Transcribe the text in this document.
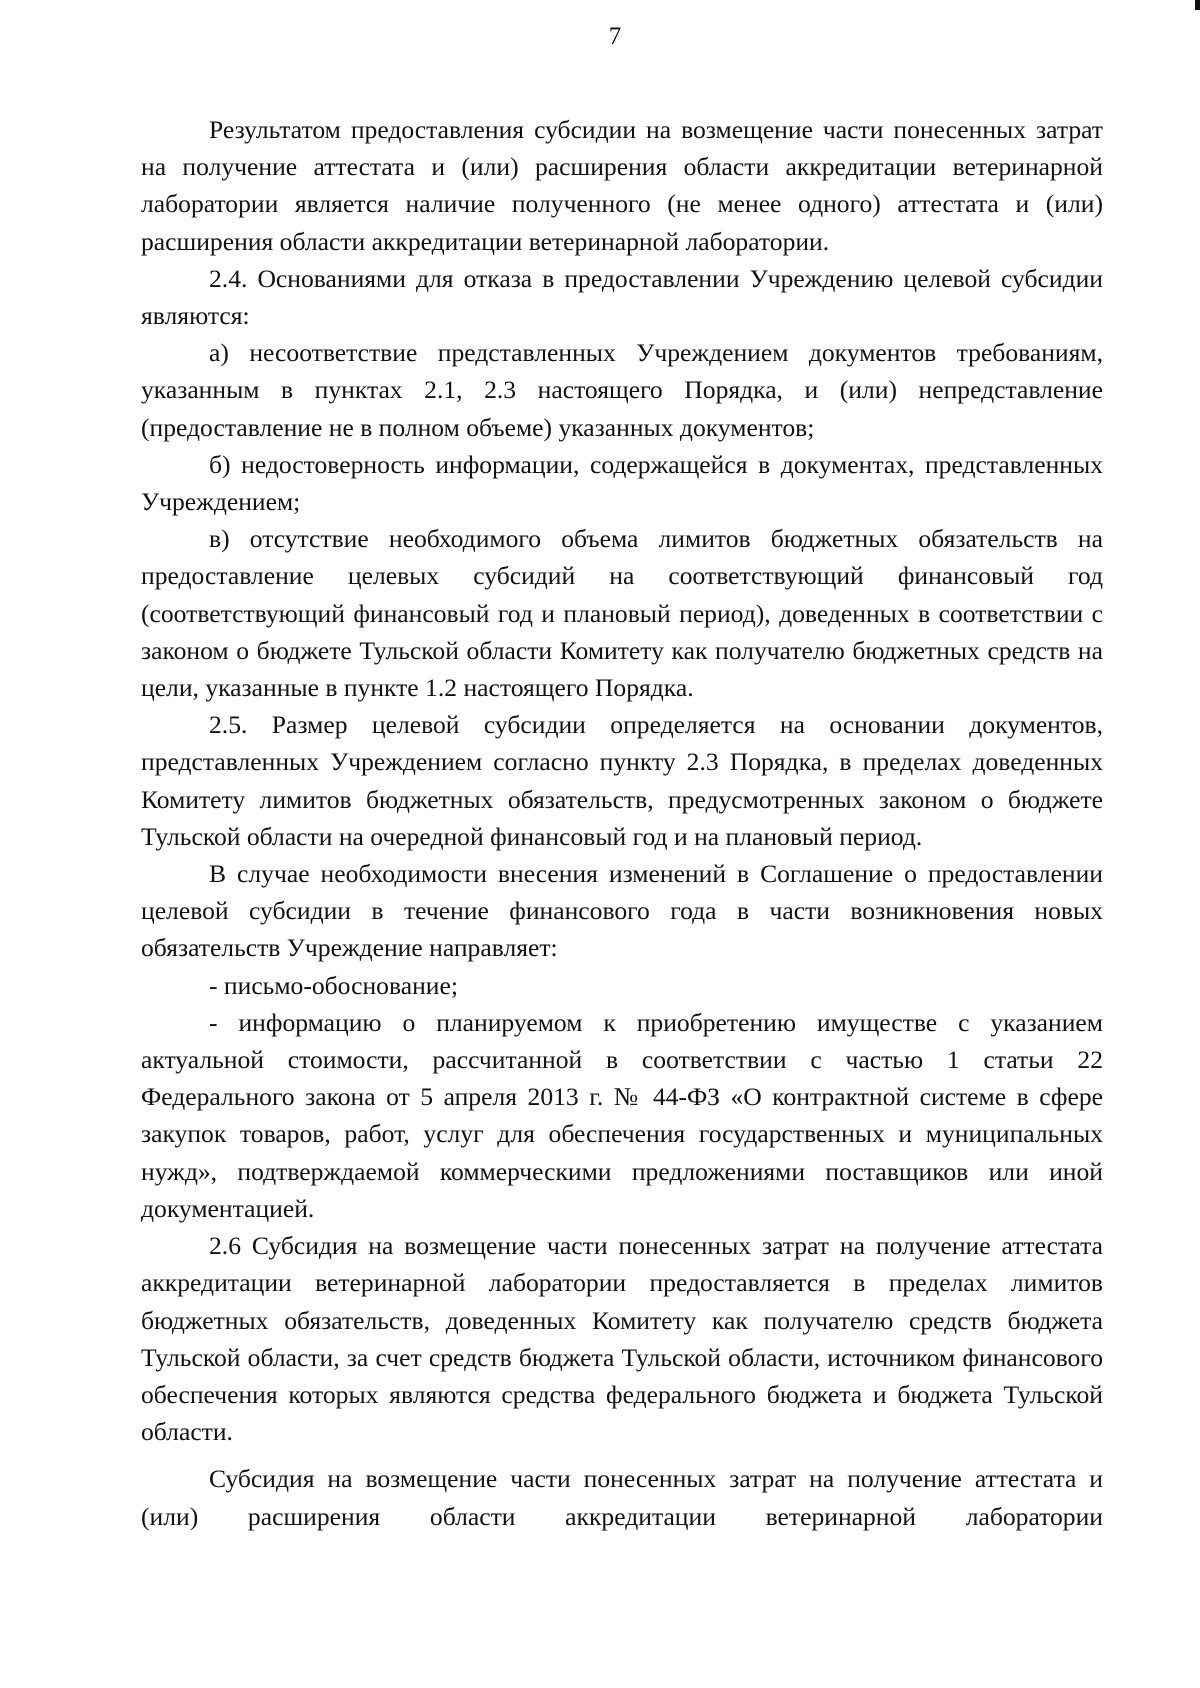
7

Результатом предоставления субсидии на возмещение части понесенных затрат на получение аттестата и (или) расширения области аккредитации ветеринарной лаборатории является наличие полученного (не менее одного) аттестата и (или) расширения области аккредитации ветеринарной лаборатории.

2.4. Основаниями для отказа в предоставлении Учреждению целевой субсидии являются:

а) несоответствие представленных Учреждением документов требованиям, указанным в пунктах 2.1, 2.3 настоящего Порядка, и (или) непредставление (предоставление не в полном объеме) указанных документов;

б) недостоверность информации, содержащейся в документах, представленных Учреждением;

в) отсутствие необходимого объема лимитов бюджетных обязательств на предоставление целевых субсидий на соответствующий финансовый год (соответствующий финансовый год и плановый период), доведенных в соответствии с законом о бюджете Тульской области Комитету как получателю бюджетных средств на цели, указанные в пункте 1.2 настоящего Порядка.

2.5. Размер целевой субсидии определяется на основании документов, представленных Учреждением согласно пункту 2.3 Порядка, в пределах доведенных Комитету лимитов бюджетных обязательств, предусмотренных законом о бюджете Тульской области на очередной финансовый год и на плановый период.

В случае необходимости внесения изменений в Соглашение о предоставлении целевой субсидии в течение финансового года в части возникновения новых обязательств Учреждение направляет:

- письмо-обоснование;

- информацию о планируемом к приобретению имуществе с указанием актуальной стоимости, рассчитанной в соответствии с частью 1 статьи 22 Федерального закона от 5 апреля 2013 г. № 44-ФЗ «О контрактной системе в сфере закупок товаров, работ, услуг для обеспечения государственных и муниципальных нужд», подтверждаемой коммерческими предложениями поставщиков или иной документацией.

2.6 Субсидия на возмещение части понесенных затрат на получение аттестата аккредитации ветеринарной лаборатории предоставляется в пределах лимитов бюджетных обязательств, доведенных Комитету как получателю средств бюджета Тульской области, за счет средств бюджета Тульской области, источником финансового обеспечения которых являются средства федерального бюджета и бюджета Тульской области.

Субсидия на возмещение части понесенных затрат на получение аттестата и (или) расширения области аккредитации ветеринарной лаборатории
